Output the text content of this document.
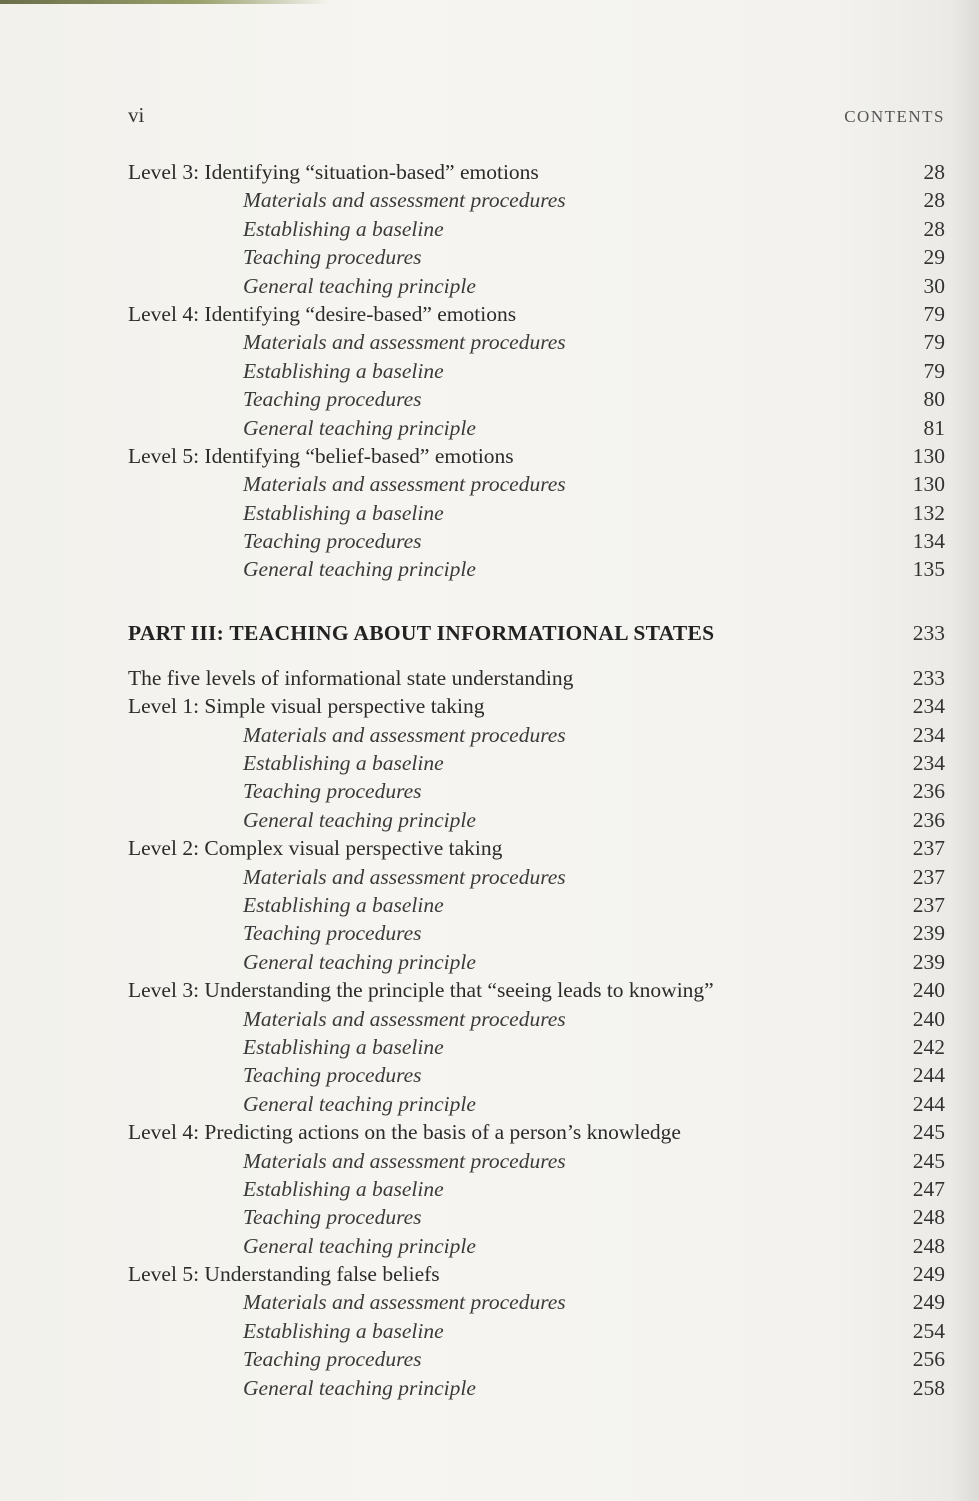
vi	CONTENTS
Level 3: Identifying “situation-based” emotions	28
Materials and assessment procedures	28
Establishing a baseline	28
Teaching procedures	29
General teaching principle	30
Level 4: Identifying “desire-based” emotions	79
Materials and assessment procedures	79
Establishing a baseline	79
Teaching procedures	80
General teaching principle	81
Level 5: Identifying “belief-based” emotions	130
Materials and assessment procedures	130
Establishing a baseline	132
Teaching procedures	134
General teaching principle	135
PART III: TEACHING ABOUT INFORMATIONAL STATES	233
The five levels of informational state understanding	233
Level 1: Simple visual perspective taking	234
Materials and assessment procedures	234
Establishing a baseline	234
Teaching procedures	236
General teaching principle	236
Level 2: Complex visual perspective taking	237
Materials and assessment procedures	237
Establishing a baseline	237
Teaching procedures	239
General teaching principle	239
Level 3: Understanding the principle that “seeing leads to knowing”	240
Materials and assessment procedures	240
Establishing a baseline	242
Teaching procedures	244
General teaching principle	244
Level 4: Predicting actions on the basis of a person’s knowledge	245
Materials and assessment procedures	245
Establishing a baseline	247
Teaching procedures	248
General teaching principle	248
Level 5: Understanding false beliefs	249
Materials and assessment procedures	249
Establishing a baseline	254
Teaching procedures	256
General teaching principle	258
